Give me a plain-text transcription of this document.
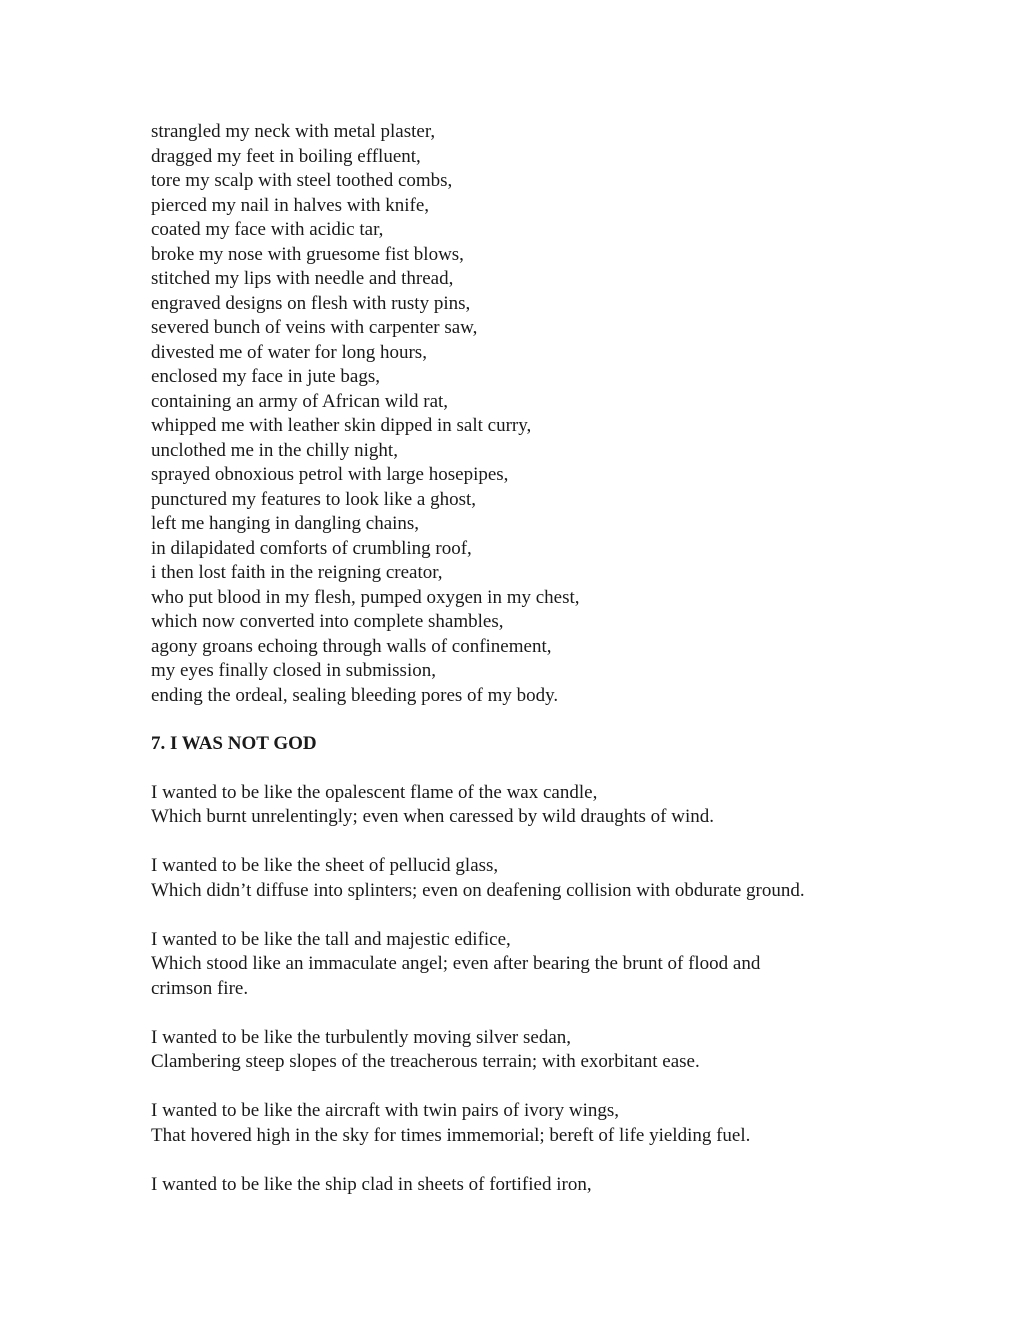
strangled my neck with metal plaster,

dragged my feet in boiling effluent,

tore my scalp with steel toothed combs,

pierced my nail in halves with knife,

coated my face with acidic tar,

broke my nose with gruesome fist blows,

stitched my lips with needle and thread,

engraved designs on flesh with rusty pins,

severed bunch of veins with carpenter saw,

divested me of water for long hours,

enclosed my face in jute bags,

containing an army of African wild rat,

whipped me with leather skin dipped in salt curry,

unclothed me in the chilly night,

sprayed obnoxious petrol with large hosepipes,

punctured my features to look like a ghost,

left me hanging in dangling chains,

in dilapidated comforts of crumbling roof,

i then lost faith in the reigning creator,

who put blood in my flesh, pumped oxygen in my chest,

which now converted into complete shambles,

agony groans echoing through walls of confinement,

my eyes finally closed in submission,

ending the ordeal, sealing bleeding pores of my body.

7. I WAS NOT GOD

I wanted to be like the opalescent flame of the wax candle,

Which burnt unrelentingly; even when caressed by wild draughts of wind.

I wanted to be like the sheet of pellucid glass,

Which didn’t diffuse into splinters; even on deafening collision with obdurate ground.

I wanted to be like the tall and majestic edifice,

Which stood like an immaculate angel; even after bearing the brunt of flood and

crimson fire.

I wanted to be like the turbulently moving silver sedan,

Clambering steep slopes of the treacherous terrain; with exorbitant ease.

I wanted to be like the aircraft with twin pairs of ivory wings,

That hovered high in the sky for times immemorial; bereft of life yielding fuel.

I wanted to be like the ship clad in sheets of fortified iron,
